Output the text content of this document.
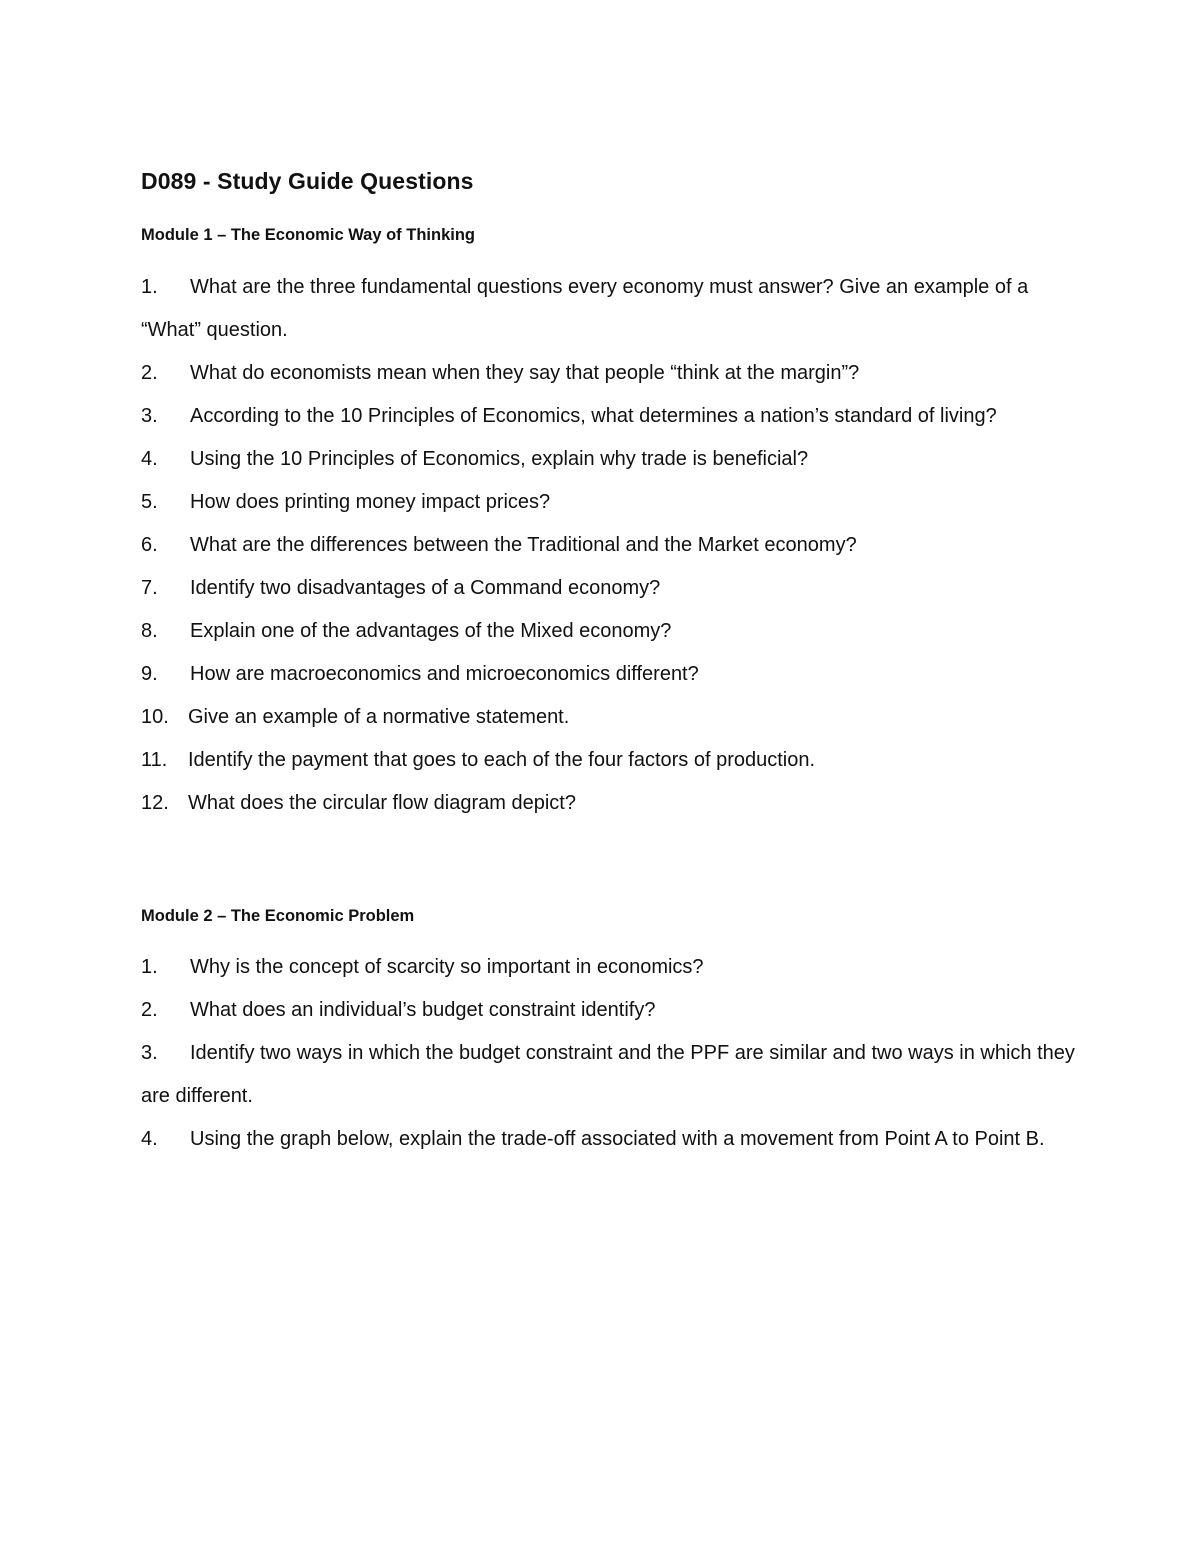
D089 - Study Guide Questions
Module 1 – The Economic Way of Thinking
1. What are the three fundamental questions every economy must answer? Give an example of a “What” question.
2. What do economists mean when they say that people “think at the margin”?
3. According to the 10 Principles of Economics, what determines a nation’s standard of living?
4. Using the 10 Principles of Economics, explain why trade is beneficial?
5. How does printing money impact prices?
6. What are the differences between the Traditional and the Market economy?
7. Identify two disadvantages of a Command economy?
8. Explain one of the advantages of the Mixed economy?
9. How are macroeconomics and microeconomics different?
10. Give an example of a normative statement.
11. Identify the payment that goes to each of the four factors of production.
12. What does the circular flow diagram depict?
Module 2 – The Economic Problem
1. Why is the concept of scarcity so important in economics?
2. What does an individual’s budget constraint identify?
3. Identify two ways in which the budget constraint and the PPF are similar and two ways in which they are different.
4. Using the graph below, explain the trade-off associated with a movement from Point A to Point B.
